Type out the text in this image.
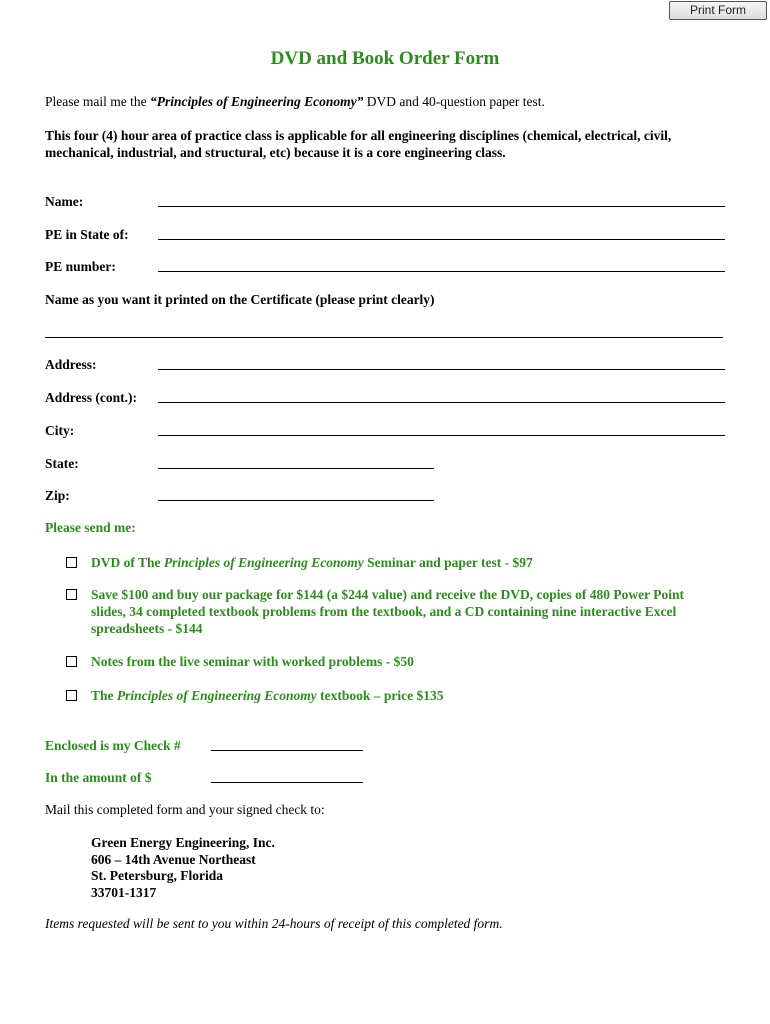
Print Form
DVD and Book Order Form
Please mail me the “Principles of Engineering Economy” DVD and 40-question paper test.
This four (4) hour area of practice class is applicable for all engineering disciplines (chemical, electrical, civil, mechanical, industrial, and structural, etc) because it is a core engineering class.
Name:
PE in State of:
PE number:
Name as you want it printed on the Certificate (please print clearly)
Address:
Address (cont.):
City:
State:
Zip:
Please send me:
DVD of The Principles of Engineering Economy Seminar and paper test - $97
Save $100 and buy our package for $144 (a $244 value) and receive the DVD, copies of 480 Power Point slides, 34 completed textbook problems from the textbook, and a CD containing nine interactive Excel spreadsheets - $144
Notes from the live seminar with worked problems - $50
The Principles of Engineering Economy textbook – price $135
Enclosed is my Check #
In the amount of $
Mail this completed form and your signed check to:
Green Energy Engineering, Inc.
606 – 14th Avenue Northeast
St. Petersburg, Florida
33701-1317
Items requested will be sent to you within 24-hours of receipt of this completed form.
